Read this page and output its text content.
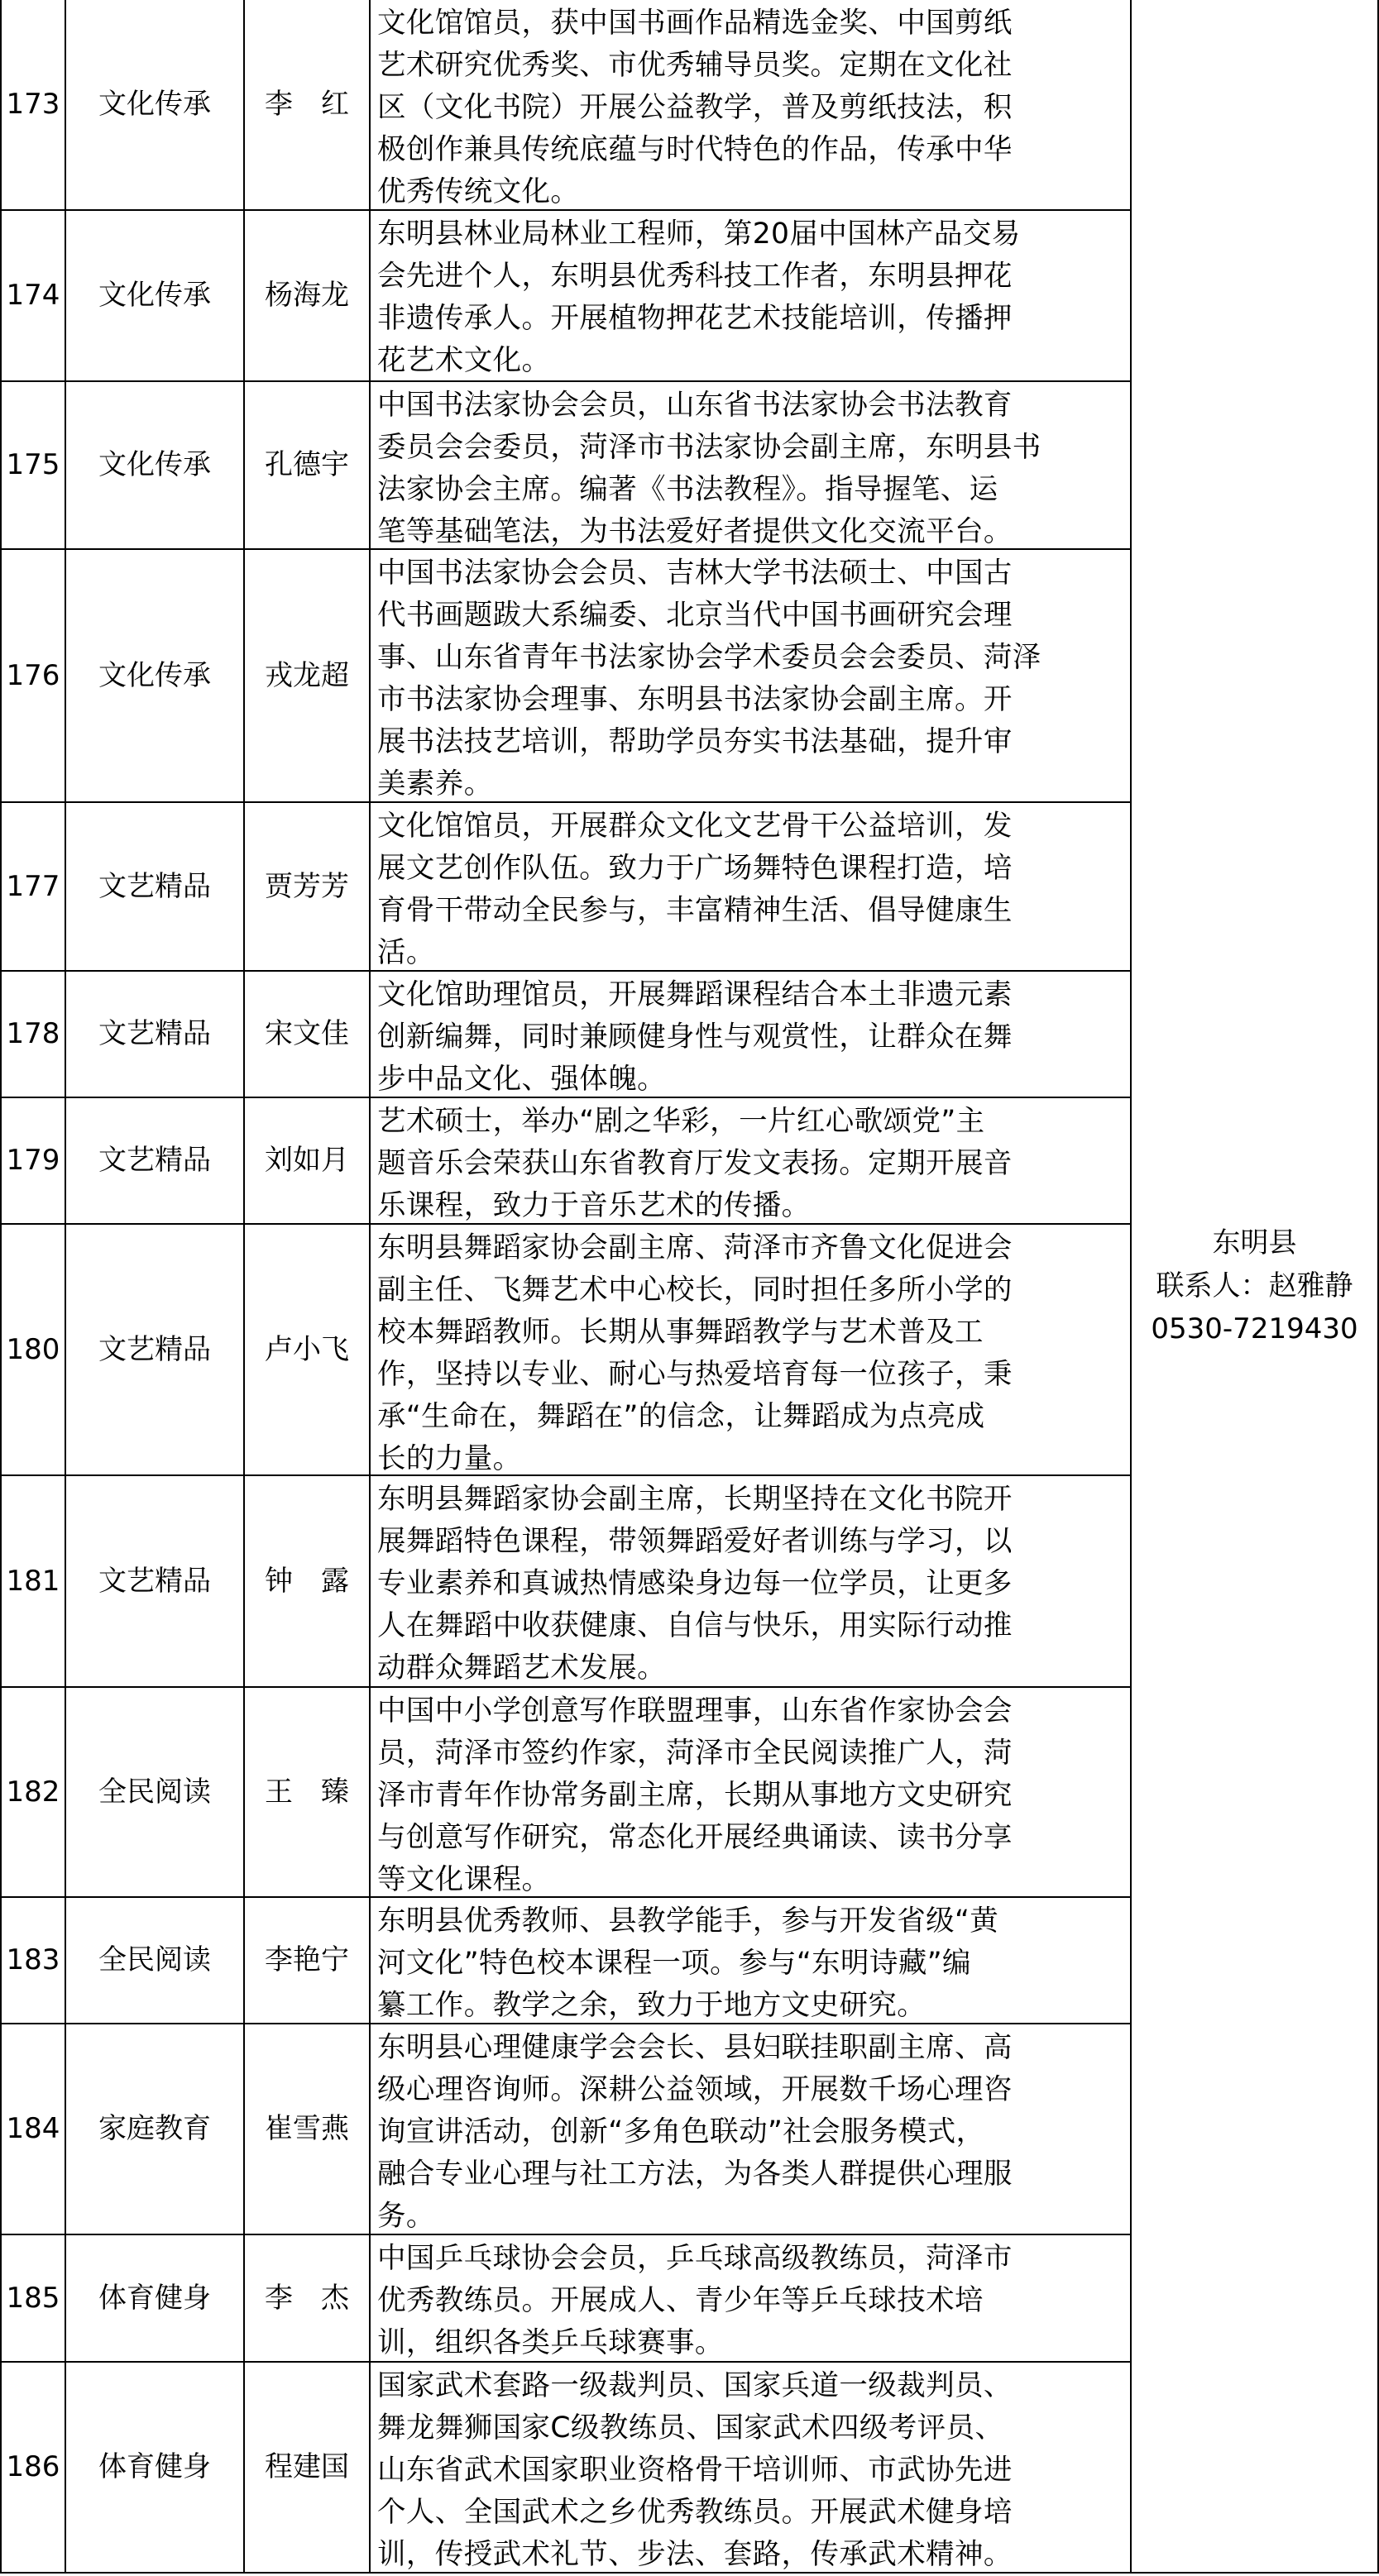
173	文化传承	李　红
文化馆馆员，获中国书画作品精选金奖、中国剪纸
艺术研究优秀奖、市优秀辅导员奖。定期在文化社
区（文化书院）开展公益教学，普及剪纸技法，积
极创作兼具传统底蕴与时代特色的作品，传承中华
优秀传统文化。
174	文化传承	杨海龙
东明县林业局林业工程师，第20届中国林产品交易
会先进个人，东明县优秀科技工作者，东明县押花
非遗传承人。开展植物押花艺术技能培训，传播押
花艺术文化。
175	文化传承	孔德宇
中国书法家协会会员，山东省书法家协会书法教育
委员会会委员，菏泽市书法家协会副主席，东明县书
法家协会主席。编著《书法教程》。指导握笔、运
笔等基础笔法，为书法爱好者提供文化交流平台。
176	文化传承	戎龙超
中国书法家协会会员、吉林大学书法硕士、中国古
代书画题跋大系编委、北京当代中国书画研究会理
事、山东省青年书法家协会学术委员会会委员、菏泽
市书法家协会理事、东明县书法家协会副主席。开
展书法技艺培训，帮助学员夯实书法基础，提升审
美素养。
177	文艺精品	贾芳芳
文化馆馆员，开展群众文化文艺骨干公益培训，发
展文艺创作队伍。致力于广场舞特色课程打造，培
育骨干带动全民参与，丰富精神生活、倡导健康生
活。
178	文艺精品	宋文佳
文化馆助理馆员，开展舞蹈课程结合本土非遗元素
创新编舞，同时兼顾健身性与观赏性，让群众在舞
步中品文化、强体魄。
179	文艺精品	刘如月
艺术硕士，举办“剧之华彩，一片红心歌颂党”主
题音乐会荣获山东省教育厅发文表扬。定期开展音
乐课程，致力于音乐艺术的传播。
180	文艺精品	卢小飞
东明县舞蹈家协会副主席、菏泽市齐鲁文化促进会
副主任、飞舞艺术中心校长，同时担任多所小学的
校本舞蹈教师。长期从事舞蹈教学与艺术普及工
作，坚持以专业、耐心与热爱培育每一位孩子，秉
承“生命在，舞蹈在”的信念，让舞蹈成为点亮成
长的力量。
181	文艺精品	钟　露
东明县舞蹈家协会副主席，长期坚持在文化书院开
展舞蹈特色课程，带领舞蹈爱好者训练与学习，以
专业素养和真诚热情感染身边每一位学员，让更多
人在舞蹈中收获健康、自信与快乐，用实际行动推
动群众舞蹈艺术发展。
182	全民阅读	王　臻
中国中小学创意写作联盟理事，山东省作家协会会
员，菏泽市签约作家，菏泽市全民阅读推广人，菏
泽市青年作协常务副主席，长期从事地方文史研究
与创意写作研究，常态化开展经典诵读、读书分享
等文化课程。
183	全民阅读	李艳宁
东明县优秀教师、县教学能手，参与开发省级“黄
河文化”特色校本课程一项。参与“东明诗藏”编
纂工作。教学之余，致力于地方文史研究。
184	家庭教育	崔雪燕
东明县心理健康学会会长、县妇联挂职副主席、高
级心理咨询师。深耕公益领域，开展数千场心理咨
询宣讲活动，创新“多角色联动”社会服务模式，
融合专业心理与社工方法，为各类人群提供心理服
务。
185	体育健身	李　杰
中国乒乓球协会会员，乒乓球高级教练员，菏泽市
优秀教练员。开展成人、青少年等乒乓球技术培
训，组织各类乒乓球赛事。
186	体育健身	程建国
国家武术套路一级裁判员、国家兵道一级裁判员、
舞龙舞狮国家C级教练员、国家武术四级考评员、
山东省武术国家职业资格骨干培训师、市武协先进
个人、全国武术之乡优秀教练员。开展武术健身培
训，传授武术礼节、步法、套路，传承武术精神。
东明县
联系人：赵雅静
0530-7219430
